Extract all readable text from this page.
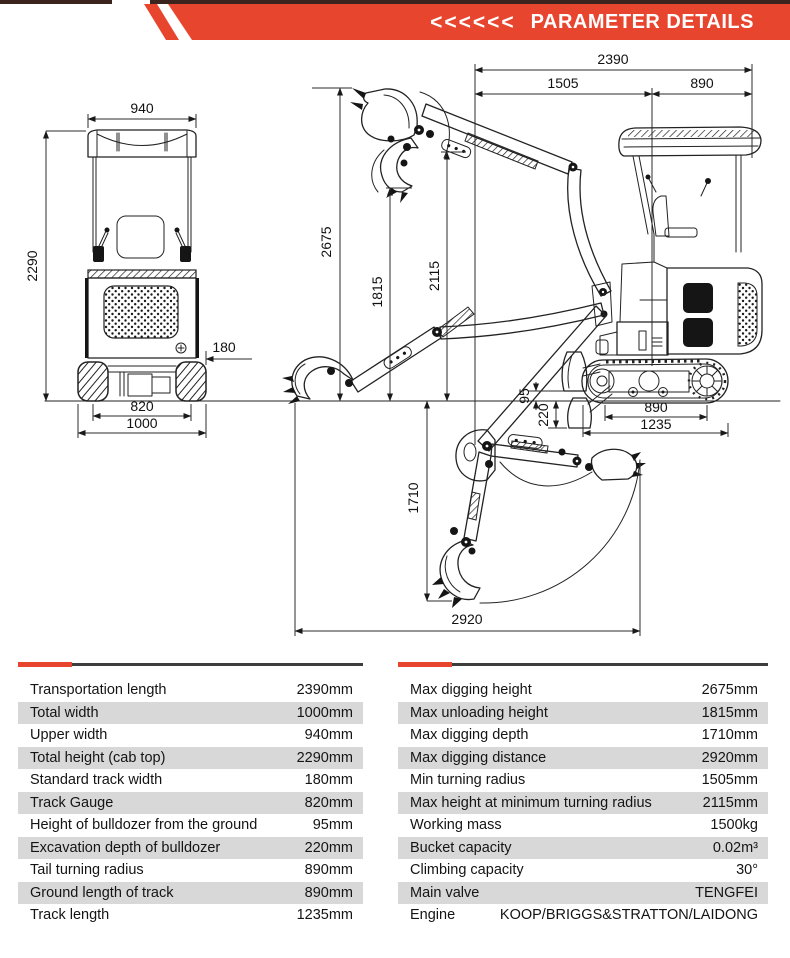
<<<<<< PARAMETER DETAILS
940
2290
180
820
1000
2390
1505	890
2675
1815
2115
95
220	890
1235
1710
2920
Transportation length	2390mm
Total width	1000mm
Upper width	940mm
Total height (cab top)	2290mm
Standard track width	180mm
Track Gauge	820mm
Height of bulldozer from the ground	95mm
Excavation depth of bulldozer	220mm
Tail turning radius	890mm
Ground length of track	890mm
Track length	1235mm
Max digging height	2675mm
Max unloading height	1815mm
Max digging depth	1710mm
Max digging distance	2920mm
Min turning radius	1505mm
Max height at minimum turning radius	2115mm
Working mass	1500kg
Bucket capacity	0.02m³
Climbing capacity	30°
Main valve	TENGFEI
Engine	KOOP/BRIGGS&STRATTON/LAIDONG
